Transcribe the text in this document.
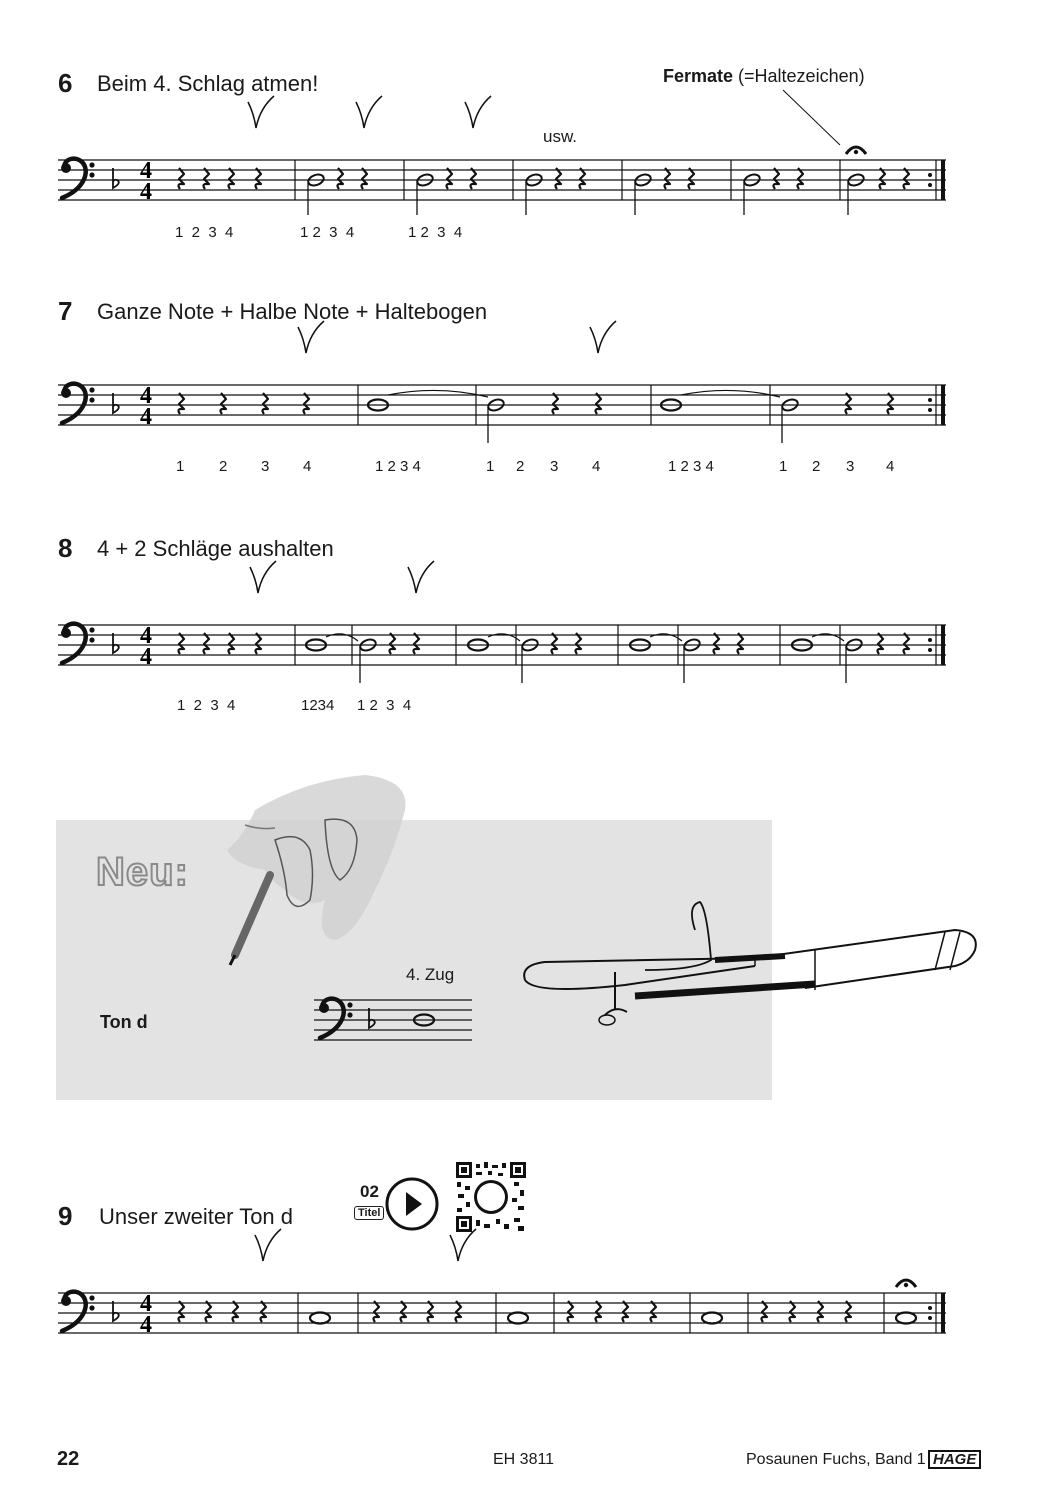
6 Beim 4. Schlag atmen!	Fermate (=Haltezeichen)
usw.
1  2  3  4	1 2  3  4	1 2  3  4
7 Ganze Note + Halbe Note + Haltebogen
1 2 3 4	1 2 3 4	1 2 3 4	1 2 3 4	1 2 3 4
8 4 + 2 Schläge aushalten
1  2  3  4	1234 1 2  3  4
Neu:
Ton d
4. Zug
9 Unser zweiter Ton d
02
Titel
22	EH 3811	Posaunen Fuchs, Band 1 HAGE
